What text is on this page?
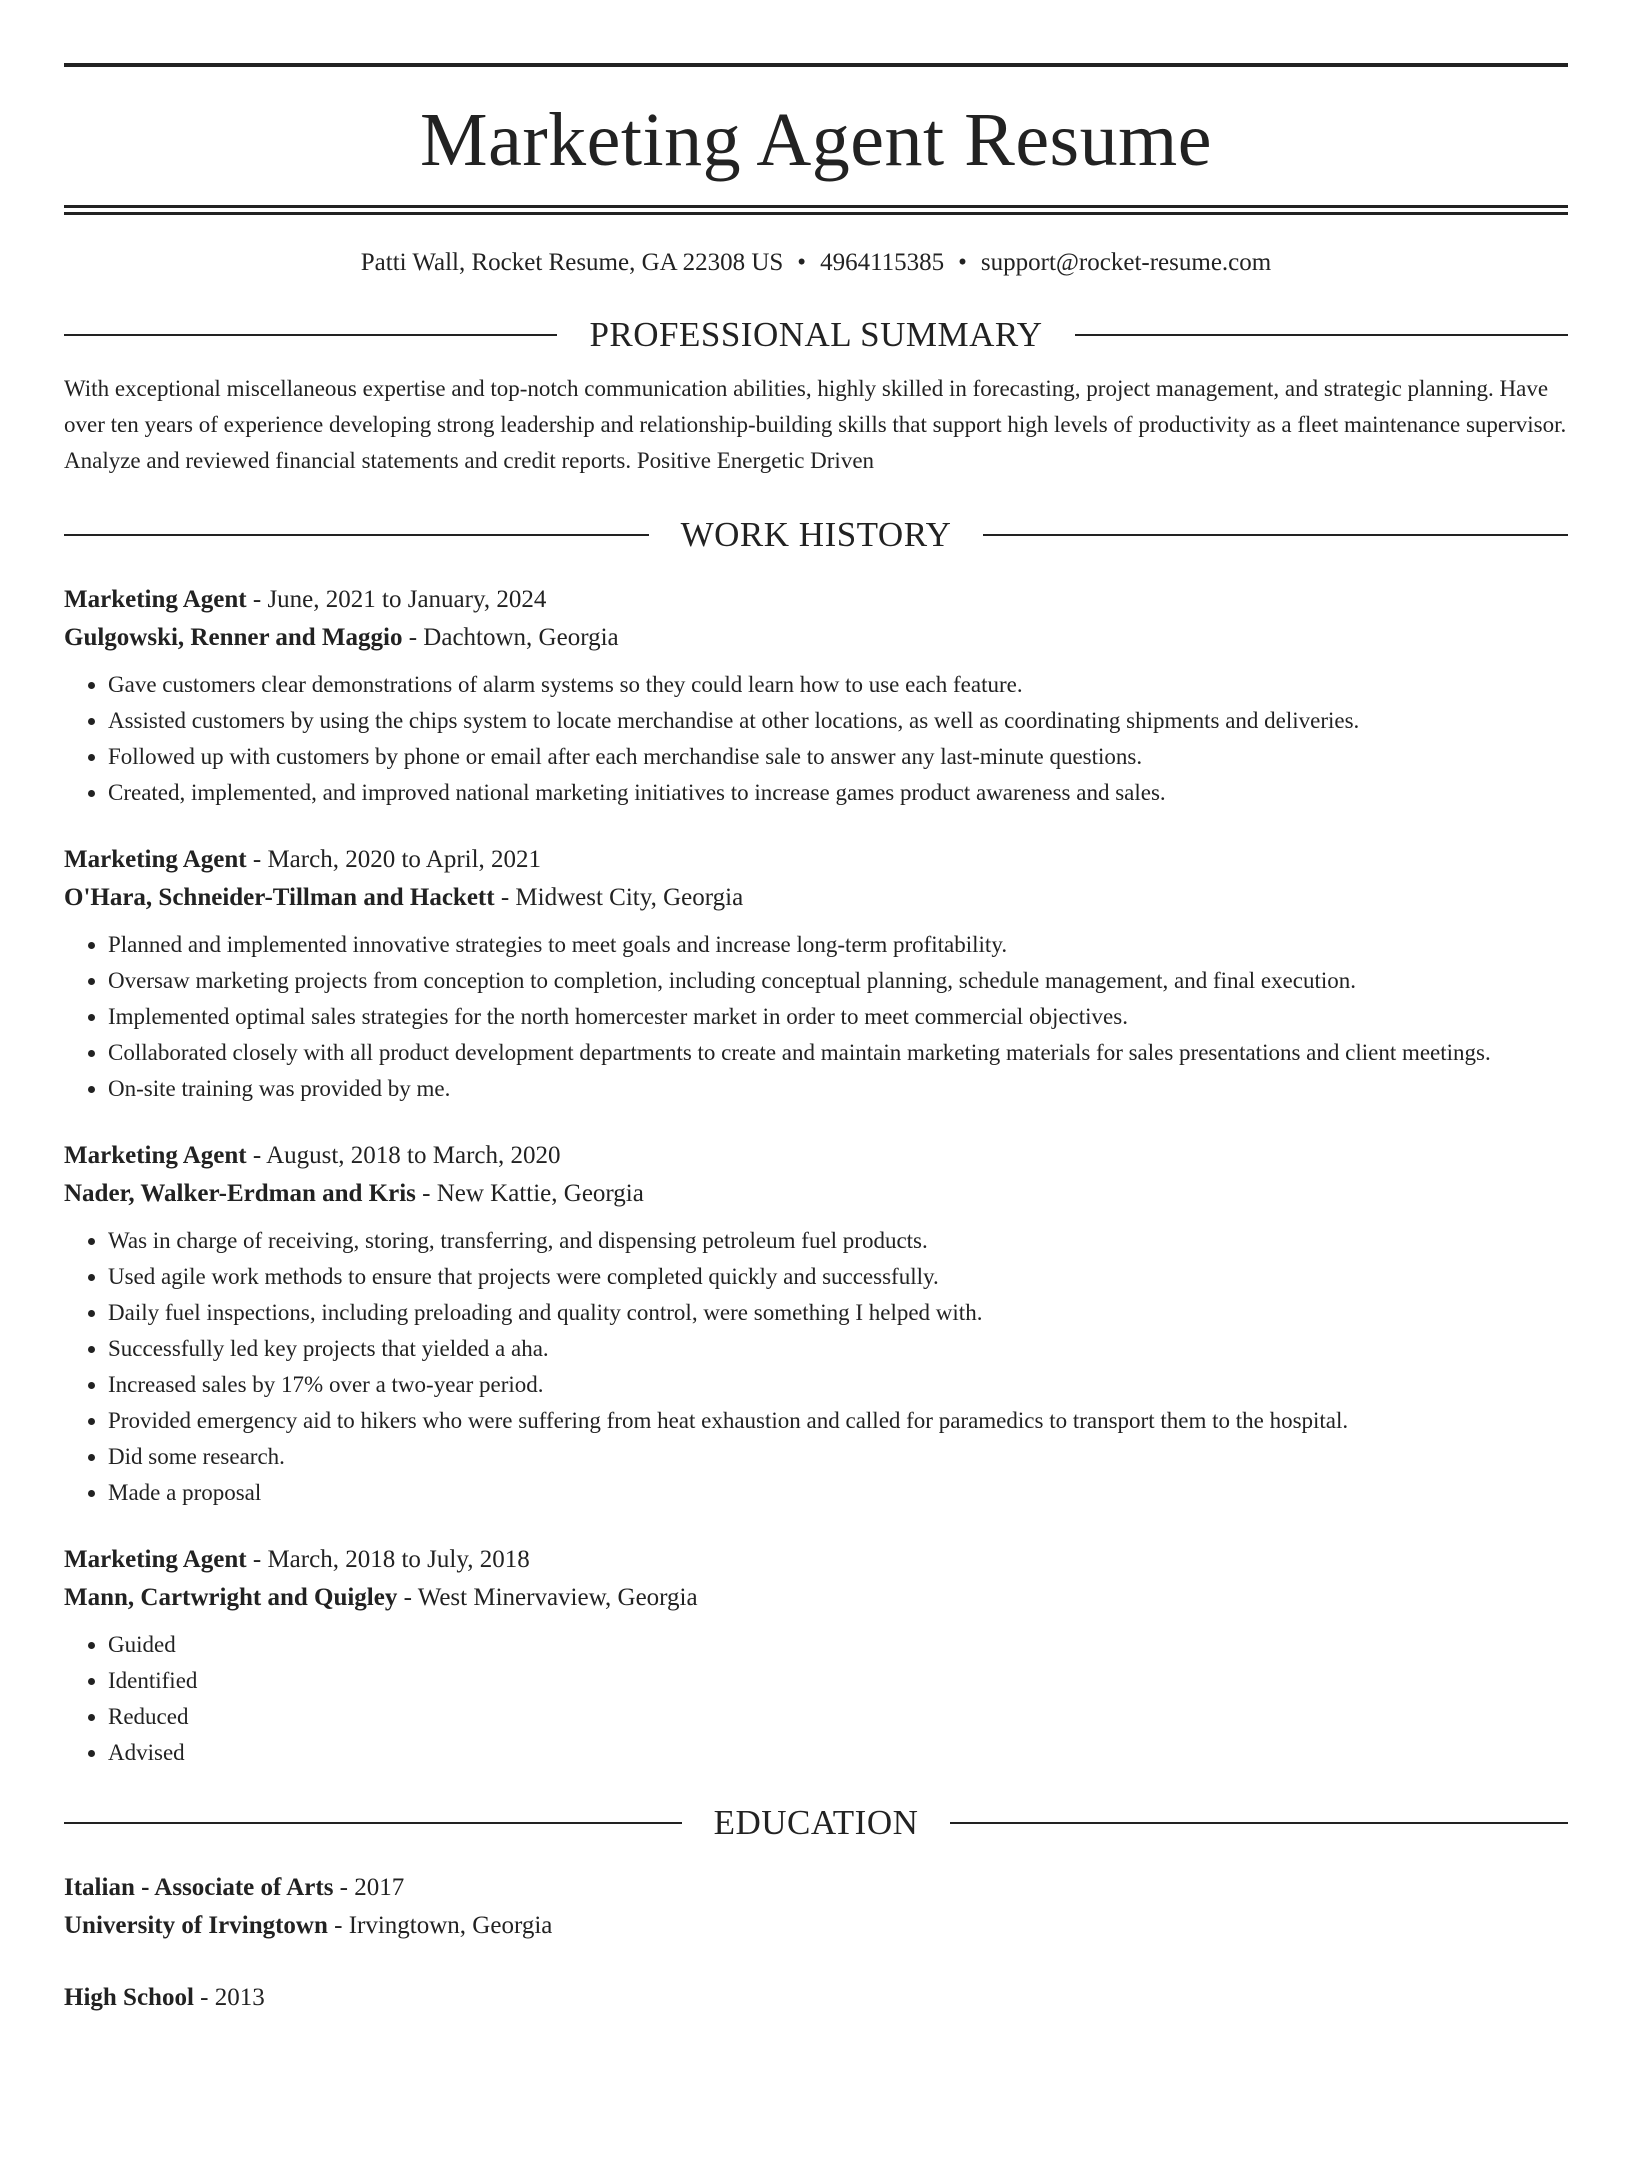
Marketing Agent Resume
Patti Wall, Rocket Resume, GA 22308 US • 4964115385 • support@rocket-resume.com
PROFESSIONAL SUMMARY
With exceptional miscellaneous expertise and top-notch communication abilities, highly skilled in forecasting, project management, and strategic planning. Have over ten years of experience developing strong leadership and relationship-building skills that support high levels of productivity as a fleet maintenance supervisor. Analyze and reviewed financial statements and credit reports. Positive Energetic Driven
WORK HISTORY
Marketing Agent - June, 2021 to January, 2024
Gulgowski, Renner and Maggio - Dachtown, Georgia
• Gave customers clear demonstrations of alarm systems so they could learn how to use each feature.
• Assisted customers by using the chips system to locate merchandise at other locations, as well as coordinating shipments and deliveries.
• Followed up with customers by phone or email after each merchandise sale to answer any last-minute questions.
• Created, implemented, and improved national marketing initiatives to increase games product awareness and sales.
Marketing Agent - March, 2020 to April, 2021
O'Hara, Schneider-Tillman and Hackett - Midwest City, Georgia
• Planned and implemented innovative strategies to meet goals and increase long-term profitability.
• Oversaw marketing projects from conception to completion, including conceptual planning, schedule management, and final execution.
• Implemented optimal sales strategies for the north homercester market in order to meet commercial objectives.
• Collaborated closely with all product development departments to create and maintain marketing materials for sales presentations and client meetings.
• On-site training was provided by me.
Marketing Agent - August, 2018 to March, 2020
Nader, Walker-Erdman and Kris - New Kattie, Georgia
• Was in charge of receiving, storing, transferring, and dispensing petroleum fuel products.
• Used agile work methods to ensure that projects were completed quickly and successfully.
• Daily fuel inspections, including preloading and quality control, were something I helped with.
• Successfully led key projects that yielded a aha.
• Increased sales by 17% over a two-year period.
• Provided emergency aid to hikers who were suffering from heat exhaustion and called for paramedics to transport them to the hospital.
• Did some research.
• Made a proposal
Marketing Agent - March, 2018 to July, 2018
Mann, Cartwright and Quigley - West Minervaview, Georgia
• Guided
• Identified
• Reduced
• Advised
EDUCATION
Italian - Associate of Arts - 2017
University of Irvingtown - Irvingtown, Georgia
High School - 2013
